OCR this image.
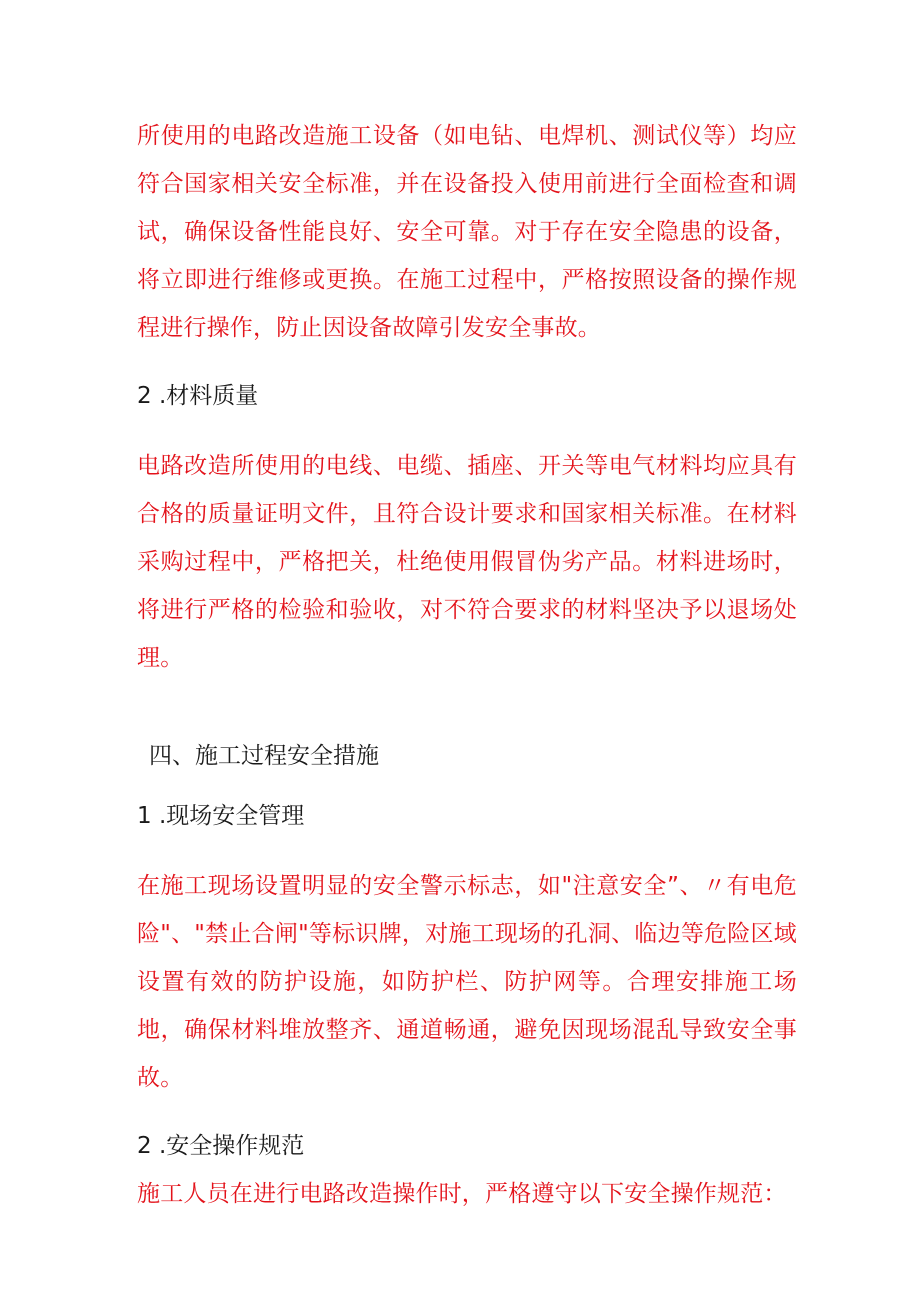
所使用的电路改造施工设备（如电钻、电焊机、测试仪等）均应符合国家相关安全标准，并在设备投入使用前进行全面检查和调试，确保设备性能良好、安全可靠。对于存在安全隐患的设备，将立即进行维修或更换。在施工过程中，严格按照设备的操作规程进行操作，防止因设备故障引发安全事故。

2 .材料质量

电路改造所使用的电线、电缆、插座、开关等电气材料均应具有合格的质量证明文件，且符合设计要求和国家相关标准。在材料采购过程中，严格把关，杜绝使用假冒伪劣产品。材料进场时，将进行严格的检验和验收，对不符合要求的材料坚决予以退场处理。

四、施工过程安全措施

1 .现场安全管理

在施工现场设置明显的安全警示标志，如"注意安全”、〃有电危险"、"禁止合闸"等标识牌，对施工现场的孔洞、临边等危险区域设置有效的防护设施，如防护栏、防护网等。合理安排施工场地，确保材料堆放整齐、通道畅通，避免因现场混乱导致安全事故。

2 .安全操作规范

施工人员在进行电路改造操作时，严格遵守以下安全操作规范：
